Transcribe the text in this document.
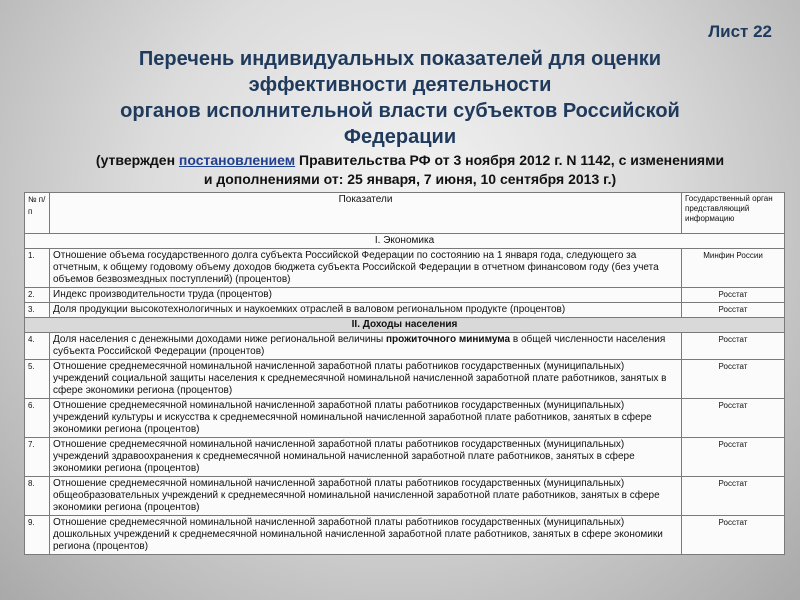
Лист 22
Перечень индивидуальных показателей для оценки
эффективности деятельности
органов исполнительной власти субъектов Российской
Федерации
(утвержден постановлением Правительства РФ от 3 ноября 2012 г. N 1142, с изменениями
и дополнениями от: 25 января, 7 июня, 10 сентября 2013 г.)
№ п/п	Показатели	Государственный орган представляющий информацию
I. Экономика		
1.	Отношение объема государственного долга субъекта Российской Федерации по состоянию на 1 января года, следующего за отчетным, к общему годовому объему доходов бюджета субъекта Российской Федерации в отчетном финансовом году (без учета объемов безвозмездных поступлений) (процентов)	Минфин России
2.	Индекс производительности труда (процентов)	Росстат
3.	Доля продукции высокотехнологичных и наукоемких отраслей в валовом региональном продукте (процентов)	Росстат
II. Доходы населения		
4.	Доля населения с денежными доходами ниже региональной величины прожиточного минимума в общей численности населения субъекта Российской Федерации (процентов)	Росстат
5.	Отношение среднемесячной номинальной начисленной заработной платы работников государственных (муниципальных) учреждений социальной защиты населения к среднемесячной номинальной начисленной заработной плате работников, занятых в сфере экономики региона (процентов)	Росстат
6.	Отношение среднемесячной номинальной начисленной заработной платы работников государственных (муниципальных) учреждений культуры и искусства к среднемесячной номинальной начисленной заработной плате работников, занятых в сфере экономики региона (процентов)	Росстат
7.	Отношение среднемесячной номинальной начисленной заработной платы работников государственных (муниципальных) учреждений здравоохранения к среднемесячной номинальной начисленной заработной плате работников, занятых в сфере экономики региона (процентов)	Росстат
8.	Отношение среднемесячной номинальной начисленной заработной платы работников государственных (муниципальных) общеобразовательных учреждений к среднемесячной номинальной начисленной заработной плате работников, занятых в сфере экономики региона (процентов)	Росстат
9.	Отношение среднемесячной номинальной начисленной заработной платы работников государственных (муниципальных) дошкольных учреждений к среднемесячной номинальной начисленной заработной плате работников, занятых в сфере экономики региона (процентов)	Росстат
